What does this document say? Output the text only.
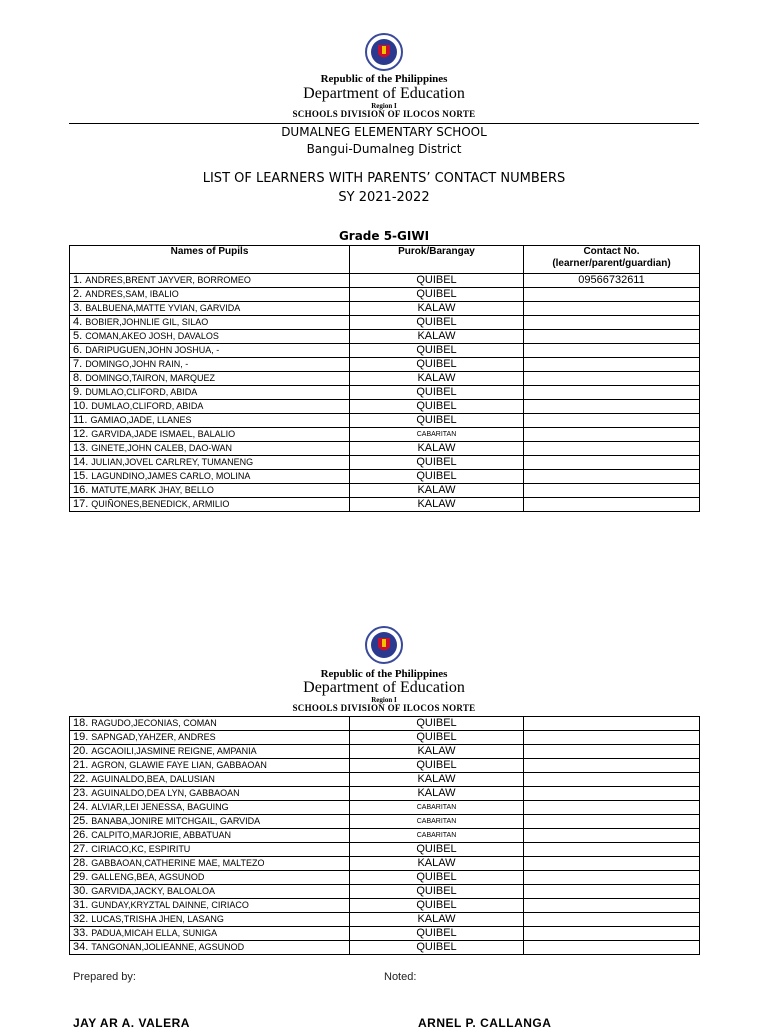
Republic of the Philippines
Department of Education
Region I
SCHOOLS DIVISION OF ILOCOS NORTE
DUMALNEG ELEMENTARY SCHOOL
Bangui-Dumalneg District
LIST OF LEARNERS WITH PARENTS’ CONTACT NUMBERS
SY 2021-2022
Grade 5-GIWI
Names of Pupils	Purok/Barangay	Contact No.
(learner/parent/guardian)

1. ANDRES,BRENT JAYVER, BORROMEO	QUIBEL	09566732611
2. ANDRES,SAM, IBALIO	QUIBEL	
3. BALBUENA,MATTE YVIAN, GARVIDA	KALAW	
4. BOBIER,JOHNLIE GIL, SILAO	QUIBEL	
5. COMAN,AKEO JOSH, DAVALOS	KALAW	
6. DARIPUGUEN,JOHN JOSHUA, -	QUIBEL	
7. DOMINGO,JOHN RAIN, -	QUIBEL	
8. DOMINGO,TAIRON, MARQUEZ	KALAW	
9. DUMLAO,CLIFORD, ABIDA	QUIBEL	
10. DUMLAO,CLIFORD, ABIDA	QUIBEL	
11. GAMIAO,JADE, LLANES	QUIBEL	
12. GARVIDA,JADE ISMAEL, BALALIO	CABARITAN	
13. GINETE,JOHN CALEB, DAO-WAN	KALAW	
14. JULIAN,JOVEL CARLREY, TUMANENG	QUIBEL	
15. LAGUNDINO,JAMES CARLO, MOLINA	QUIBEL	
16. MATUTE,MARK JHAY, BELLO	KALAW	
17. QUIÑONES,BENEDICK, ARMILIO	KALAW	
Republic of the Philippines
Department of Education
Region I
SCHOOLS DIVISION OF ILOCOS NORTE
18. RAGUDO,JECONIAS, COMAN	QUIBEL	
19. SAPNGAD,YAHZER, ANDRES	QUIBEL	
20. AGCAOILI,JASMINE REIGNE, AMPANIA	KALAW	
21. AGRON, GLAWIE FAYE LIAN, GABBAOAN	QUIBEL	
22. AGUINALDO,BEA, DALUSIAN	KALAW	
23. AGUINALDO,DEA LYN, GABBAOAN	KALAW	
24. ALVIAR,LEI JENESSA, BAGUING	CABARITAN	
25. BANABA,JONIRE MITCHGAIL, GARVIDA	CABARITAN	
26. CALPITO,MARJORIE, ABBATUAN	CABARITAN	
27. CIRIACO,KC, ESPIRITU	QUIBEL	
28. GABBAOAN,CATHERINE MAE, MALTEZO	KALAW	
29. GALLENG,BEA, AGSUNOD	QUIBEL	
30. GARVIDA,JACKY, BALOALOA	QUIBEL	
31. GUNDAY,KRYZTAL DAINNE, CIRIACO	QUIBEL	
32. LUCAS,TRISHA JHEN, LASANG	KALAW	
33. PADUA,MICAH ELLA, SUNIGA	QUIBEL	
34. TANGONAN,JOLIEANNE, AGSUNOD	QUIBEL	
Prepared by:	Noted:
JAY AR A. VALERA	ARNEL P. CALLANGA
